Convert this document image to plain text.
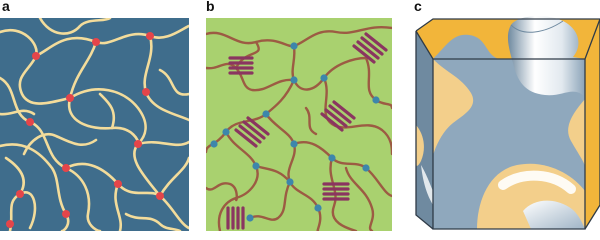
a	b	c
